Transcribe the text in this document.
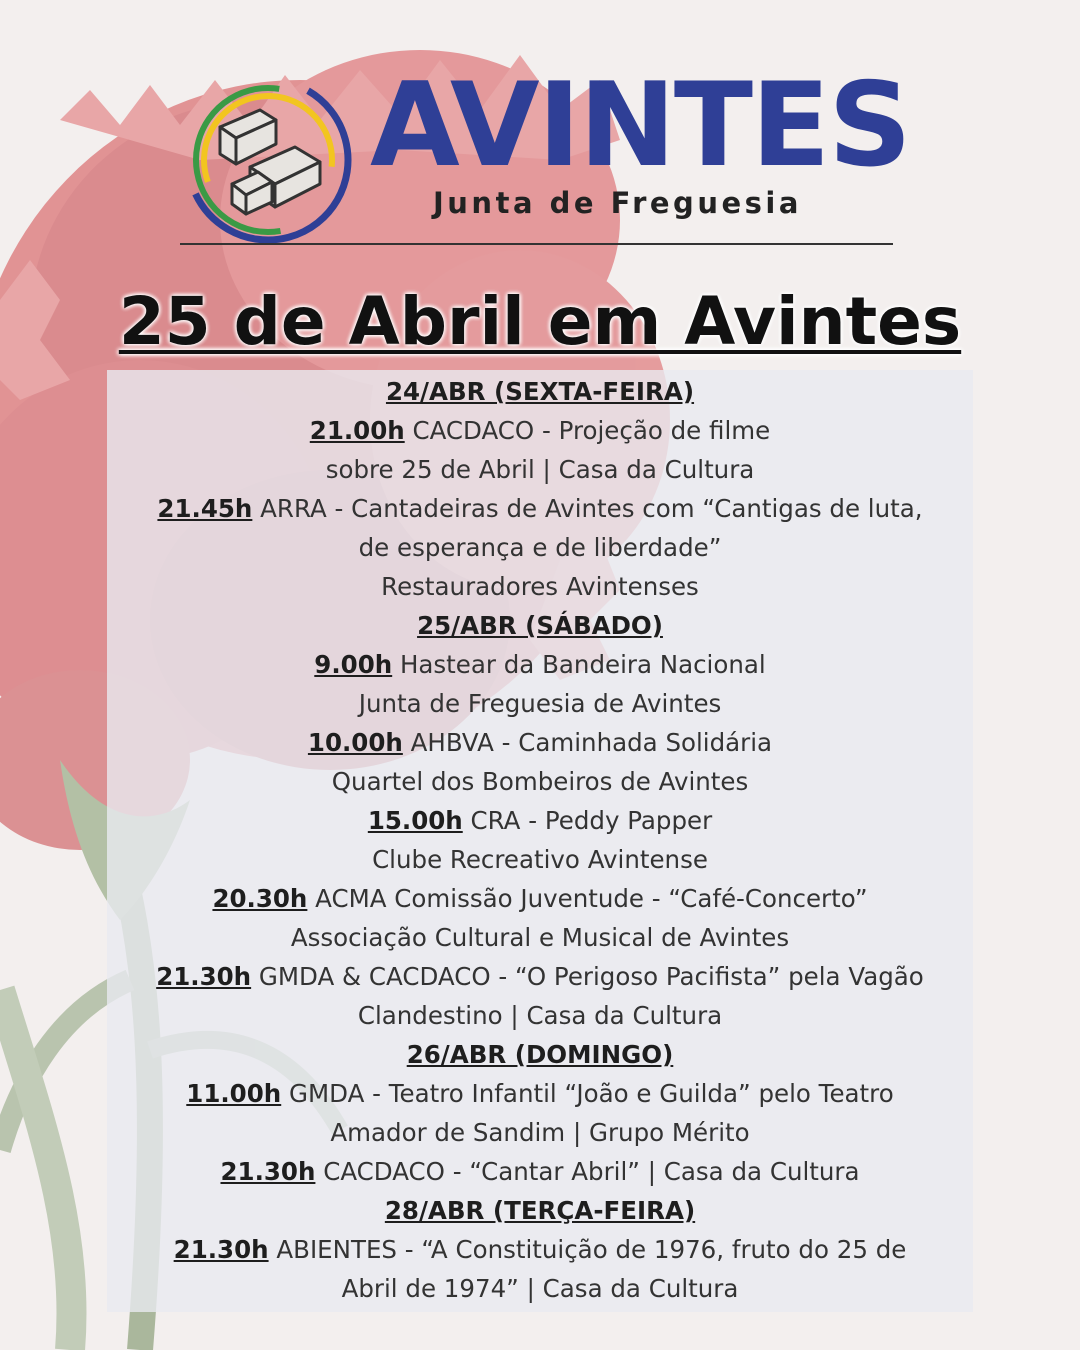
AVINTES
Junta de Freguesia
25 de Abril em Avintes
24/ABR (SEXTA-FEIRA)
21.00h CACDACO - Projeção de filme
sobre 25 de Abril | Casa da Cultura
21.45h ARRA - Cantadeiras de Avintes com “Cantigas de luta,
de esperança e de liberdade”
Restauradores Avintenses
25/ABR (SÁBADO)
9.00h Hastear da Bandeira Nacional
Junta de Freguesia de Avintes
10.00h AHBVA - Caminhada Solidária
Quartel dos Bombeiros de Avintes
15.00h CRA - Peddy Papper
Clube Recreativo Avintense
20.30h ACMA Comissão Juventude - “Café-Concerto”
Associação Cultural e Musical de Avintes
21.30h GMDA & CACDACO - “O Perigoso Pacifista” pela Vagão
Clandestino | Casa da Cultura
26/ABR (DOMINGO)
11.00h GMDA - Teatro Infantil “João e Guilda” pelo Teatro
Amador de Sandim | Grupo Mérito
21.30h CACDACO - “Cantar Abril” | Casa da Cultura
28/ABR (TERÇA-FEIRA)
21.30h ABIENTES - “A Constituição de 1976, fruto do 25 de
Abril de 1974” | Casa da Cultura
